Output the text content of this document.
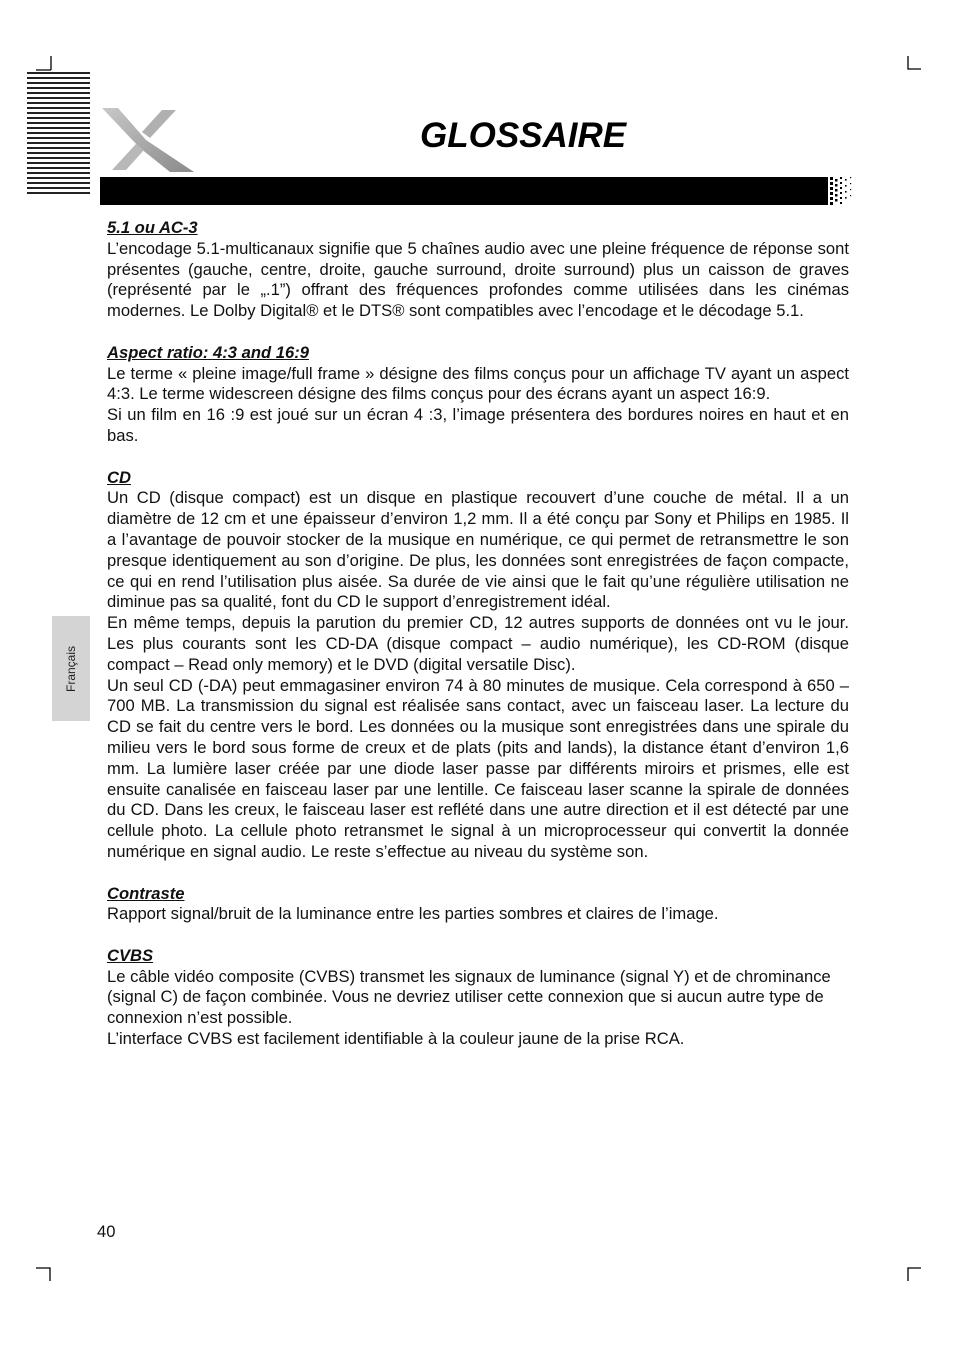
GLOSSAIRE
Français
5.1 ou AC-3

L’encodage 5.1-multicanaux signifie que 5 chaînes audio avec une pleine fréquence de réponse sont présentes (gauche, centre, droite, gauche surround, droite surround) plus un caisson de graves (représenté par le „.1”) offrant des fréquences profondes comme utilisées dans les cinémas modernes. Le Dolby Digital® et le DTS® sont compatibles avec l’encodage et le décodage 5.1.

Aspect ratio: 4:3 and 16:9

Le terme « pleine image/full frame » désigne des films conçus pour un affichage TV ayant un aspect 4:3. Le terme widescreen désigne des films conçus pour des écrans ayant un aspect 16:9.

Si un film en 16 :9 est joué sur un écran 4 :3, l’image présentera des bordures noires en haut et en bas.

CD

Un CD (disque compact) est un disque en plastique recouvert d’une couche de métal. Il a un diamètre de 12 cm et une épaisseur d’environ 1,2 mm. Il a été conçu par Sony et Philips en 1985. Il a l’avantage de pouvoir stocker de la musique en numérique, ce qui permet de retransmettre le son presque identiquement au son d’origine. De plus, les données sont enregistrées de façon compacte, ce qui en rend l’utilisation plus aisée. Sa durée de vie ainsi que le fait qu’une régulière utilisation ne diminue pas sa qualité, font du CD le support d’enregistrement idéal.

En même temps, depuis la parution du premier CD, 12 autres supports de données ont vu le jour. Les plus courants sont les CD-DA (disque compact – audio numérique), les CD-ROM (disque compact – Read only memory) et le DVD (digital versatile Disc).

Un seul CD (-DA) peut emmagasiner environ 74 à 80 minutes de musique. Cela correspond à 650 – 700 MB. La transmission du signal est réalisée sans contact, avec un faisceau laser. La lecture du CD se fait du centre vers le bord. Les données ou la musique sont enregistrées dans une spirale du milieu vers le bord sous forme de creux et de plats (pits and lands), la distance étant d’environ 1,6 mm. La lumière laser créée par une diode laser passe par différents miroirs et prismes, elle est ensuite canalisée en faisceau laser par une lentille. Ce faisceau laser scanne la spirale de données du CD. Dans les creux, le faisceau laser est reflété dans une autre direction et il est détecté par une cellule photo. La cellule photo retransmet le signal à un microprocesseur qui convertit la donnée numérique en signal audio. Le reste s’effectue au niveau du système son.

Contraste

Rapport signal/bruit de la luminance entre les parties sombres et claires de l’image.

CVBS

Le câble vidéo composite (CVBS) transmet les signaux de luminance (signal Y) et de chrominance (signal C) de façon combinée. Vous ne devriez utiliser cette connexion que si aucun autre type de connexion n’est possible.

L’interface CVBS est facilement identifiable à la couleur jaune de la prise RCA.

40
